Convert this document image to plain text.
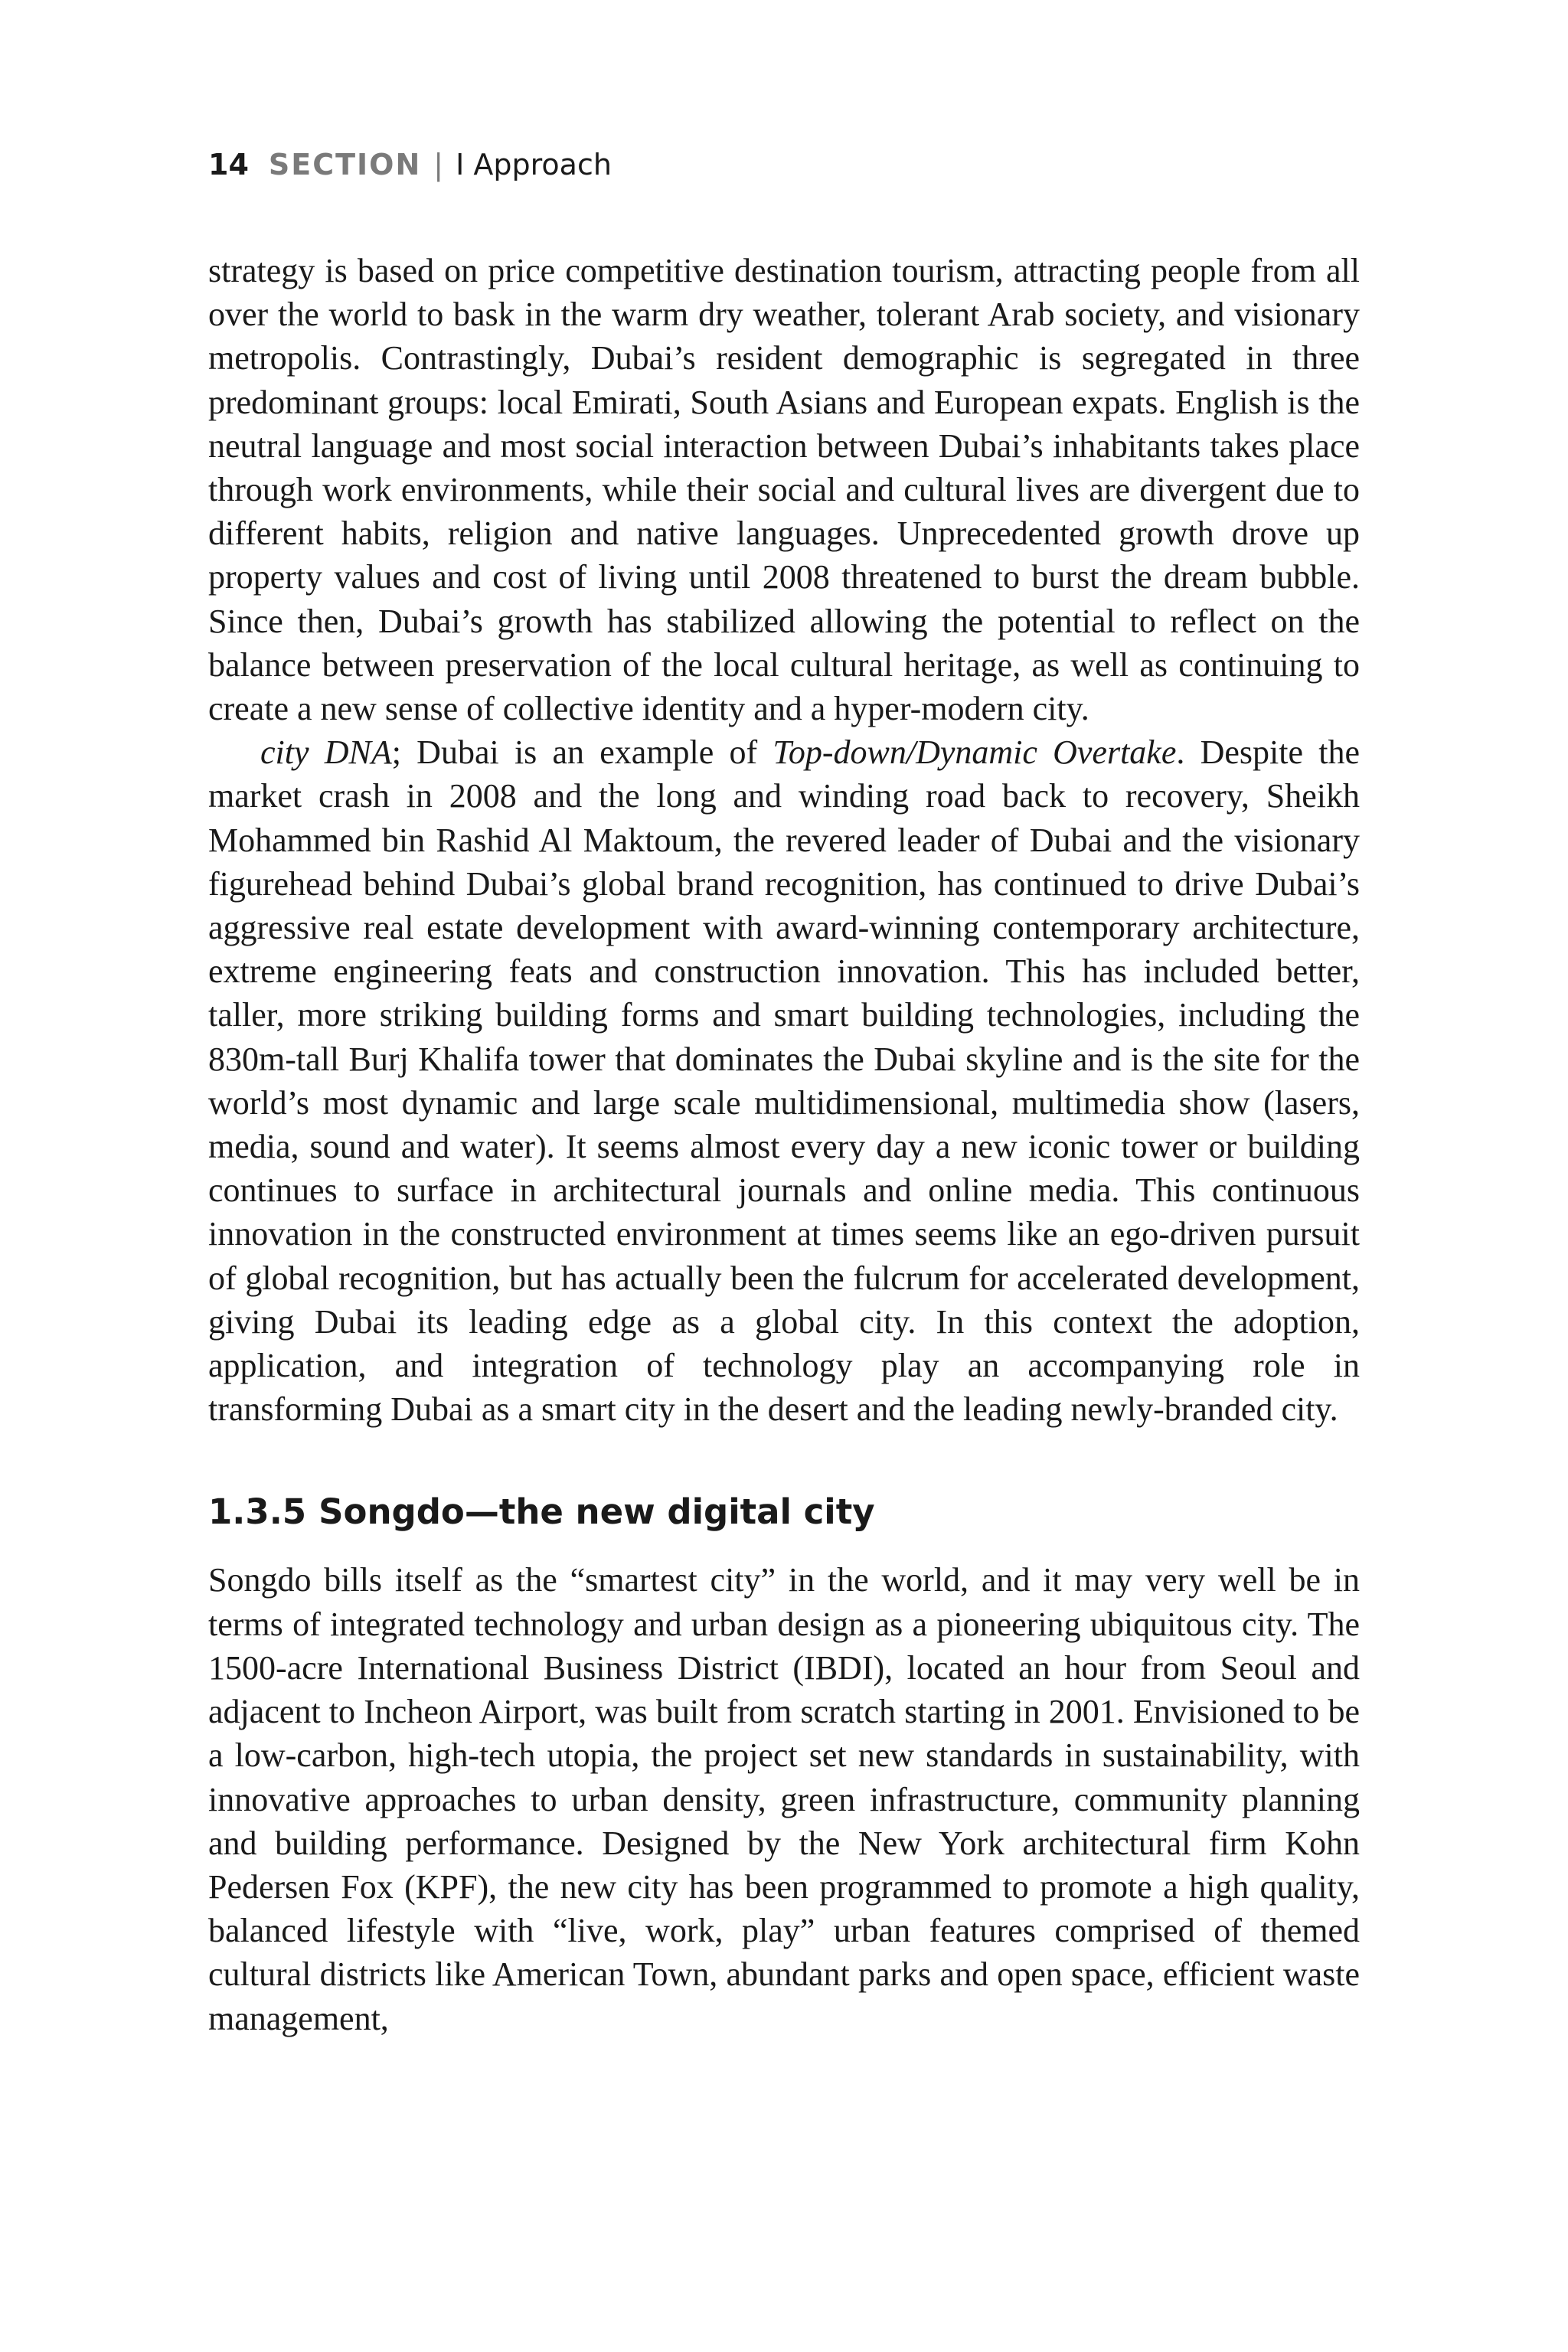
14 SECTION | I Approach

strategy is based on price competitive destination tourism, attracting people from all over the world to bask in the warm dry weather, tolerant Arab society, and visionary metropolis. Contrastingly, Dubai’s resident demographic is segregated in three predominant groups: local Emirati, South Asians and European expats. English is the neutral language and most social interaction between Dubai’s inhabitants takes place through work environments, while their social and cultural lives are divergent due to different habits, religion and native languages. Unprecedented growth drove up property values and cost of living until 2008 threatened to burst the dream bubble. Since then, Dubai’s growth has stabilized allowing the potential to reflect on the balance between preservation of the local cultural heritage, as well as continuing to create a new sense of collective identity and a hyper-modern city.

city DNA; Dubai is an example of Top-down/Dynamic Overtake. Despite the market crash in 2008 and the long and winding road back to recovery, Sheikh Mohammed bin Rashid Al Maktoum, the revered leader of Dubai and the visionary figurehead behind Dubai’s global brand recognition, has continued to drive Dubai’s aggressive real estate development with award-winning contemporary architecture, extreme engineering feats and construction innovation. This has included better, taller, more striking building forms and smart building technologies, including the 830m-tall Burj Khalifa tower that dominates the Dubai skyline and is the site for the world’s most dynamic and large scale multidimensional, multimedia show (lasers, media, sound and water). It seems almost every day a new iconic tower or building continues to surface in architectural journals and online media. This continuous innovation in the constructed environment at times seems like an ego-driven pursuit of global recognition, but has actually been the fulcrum for accelerated development, giving Dubai its leading edge as a global city. In this context the adoption, application, and integration of technology play an accompanying role in transforming Dubai as a smart city in the desert and the leading newly-branded city.

1.3.5 Songdo—the new digital city

Songdo bills itself as the “smartest city” in the world, and it may very well be in terms of integrated technology and urban design as a pioneering ubiquitous city. The 1500-acre International Business District (IBDI), located an hour from Seoul and adjacent to Incheon Airport, was built from scratch starting in 2001. Envisioned to be a low-carbon, high-tech utopia, the project set new standards in sustainability, with innovative approaches to urban density, green infrastructure, community planning and building performance. Designed by the New York architectural firm Kohn Pedersen Fox (KPF), the new city has been programmed to promote a high quality, balanced lifestyle with “live, work, play” urban features comprised of themed cultural districts like American Town, abundant parks and open space, efficient waste management,
